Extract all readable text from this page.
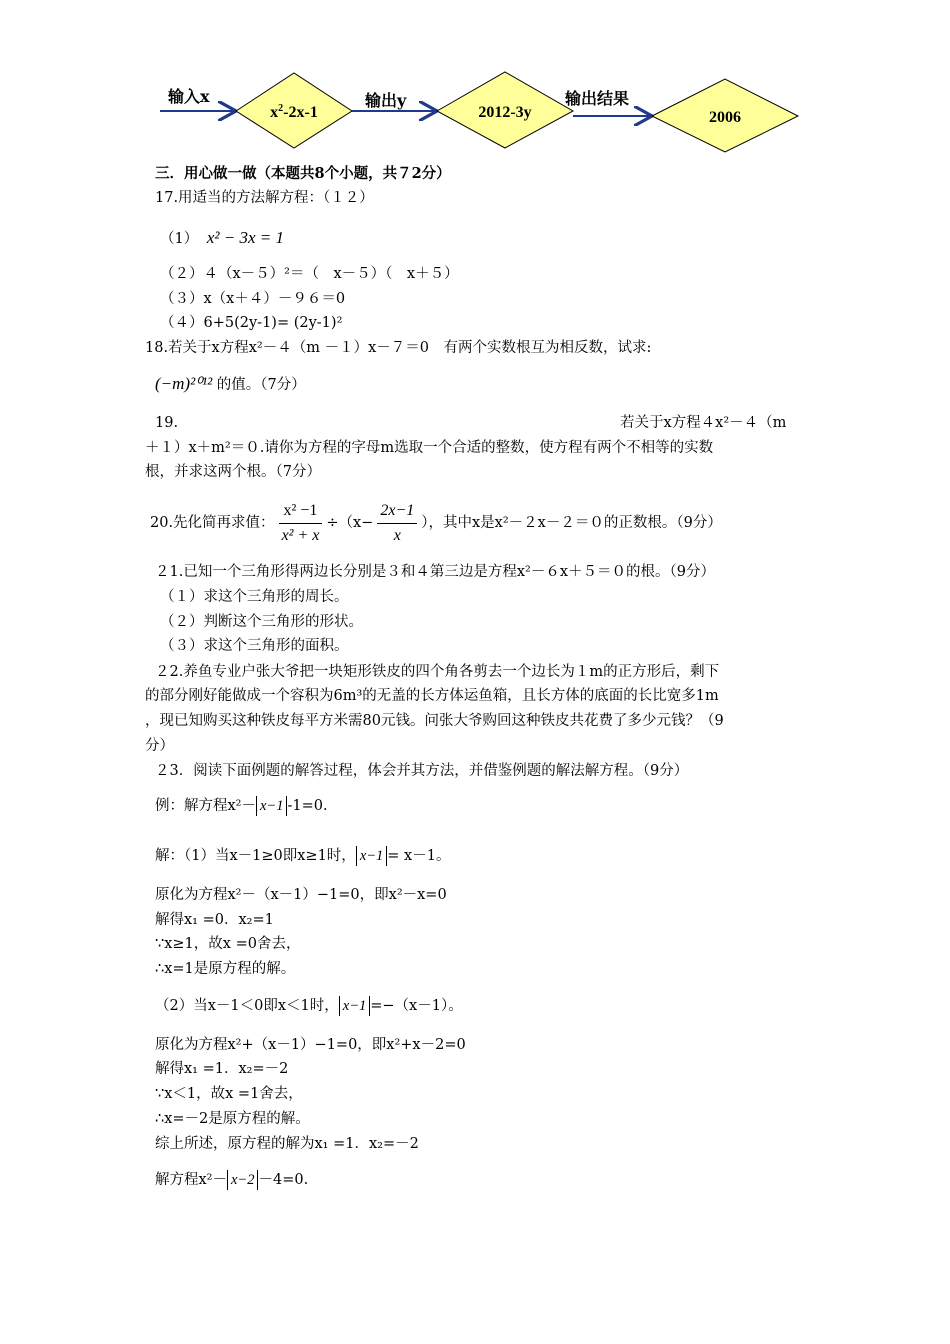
$x^2-2x-1$	2012-3y	2006
输入x	输出y	输出结果
三．用心做一做（本题共8个小题，共７2分）
17.用适当的方法解方程：（１２）
（1） x² − 3x = 1
（２）４（x－５）²＝（　x－５）（　x＋５）
（３）x（x＋４）－９６＝0
（４）6+5(2y-1)= (2y-1)²
18.若关于x方程x²－４（m －１）x－７＝0　有两个实数根互为相反数，试求:
(−m)²⁰¹² 的值。（7分）
19.	若关于x方程４x²－４（m
＋１）x＋m²＝０.请你为方程的字母m选取一个合适的整数，使方程有两个不相等的实数
根，并求这两个根。（7分）
20.先化简再求值： $\frac{\text{x² −1}}{\text{x² + x}} \div(x- \frac{2x-1}{x}$ ），其中x是x²－２x－２＝０的正数根。（9分）
２1.已知一个三角形得两边长分别是３和４第三边是方程x²－６x＋５＝０的根。（9分）
（１）求这个三角形的周长。
（２）判断这个三角形的形状。
（３）求这个三角形的面积。
２2.养鱼专业户张大爷把一块矩形铁皮的四个角各剪去一个边长为１m的正方形后，剩下
的部分刚好能做成一个容积为6m³的无盖的长方体运鱼箱，且长方体的底面的长比宽多1m
，现已知购买这种铁皮每平方米需80元钱。问张大爷购回这种铁皮共花费了多少元钱？（9
分）
２3．阅读下面例题的解答过程，体会并其方法，并借鉴例题的解法解方程。（9分）
例：解方程x²－ x−1 -1=0.
解：（1）当x－1≥0即x≥1时， x−1 = x－1。
原化为方程x²－（x－1）−1=0，即x²－x=0
解得x₁ =0．x₂=1
∵x≥1，故x =0舍去，
∴x=1是原方程的解。
（2）当x－1＜0即x＜1时， x−1 =−（x－1）。
原化为方程x²+（x－1）−1=0，即x²+x－2=0
解得x₁ =1．x₂=－2
∵x＜1，故x =1舍去，
∴x=－2是原方程的解。
综上所述，原方程的解为x₁ =1．x₂=－2
解方程x²－ x−2 －4=0.
